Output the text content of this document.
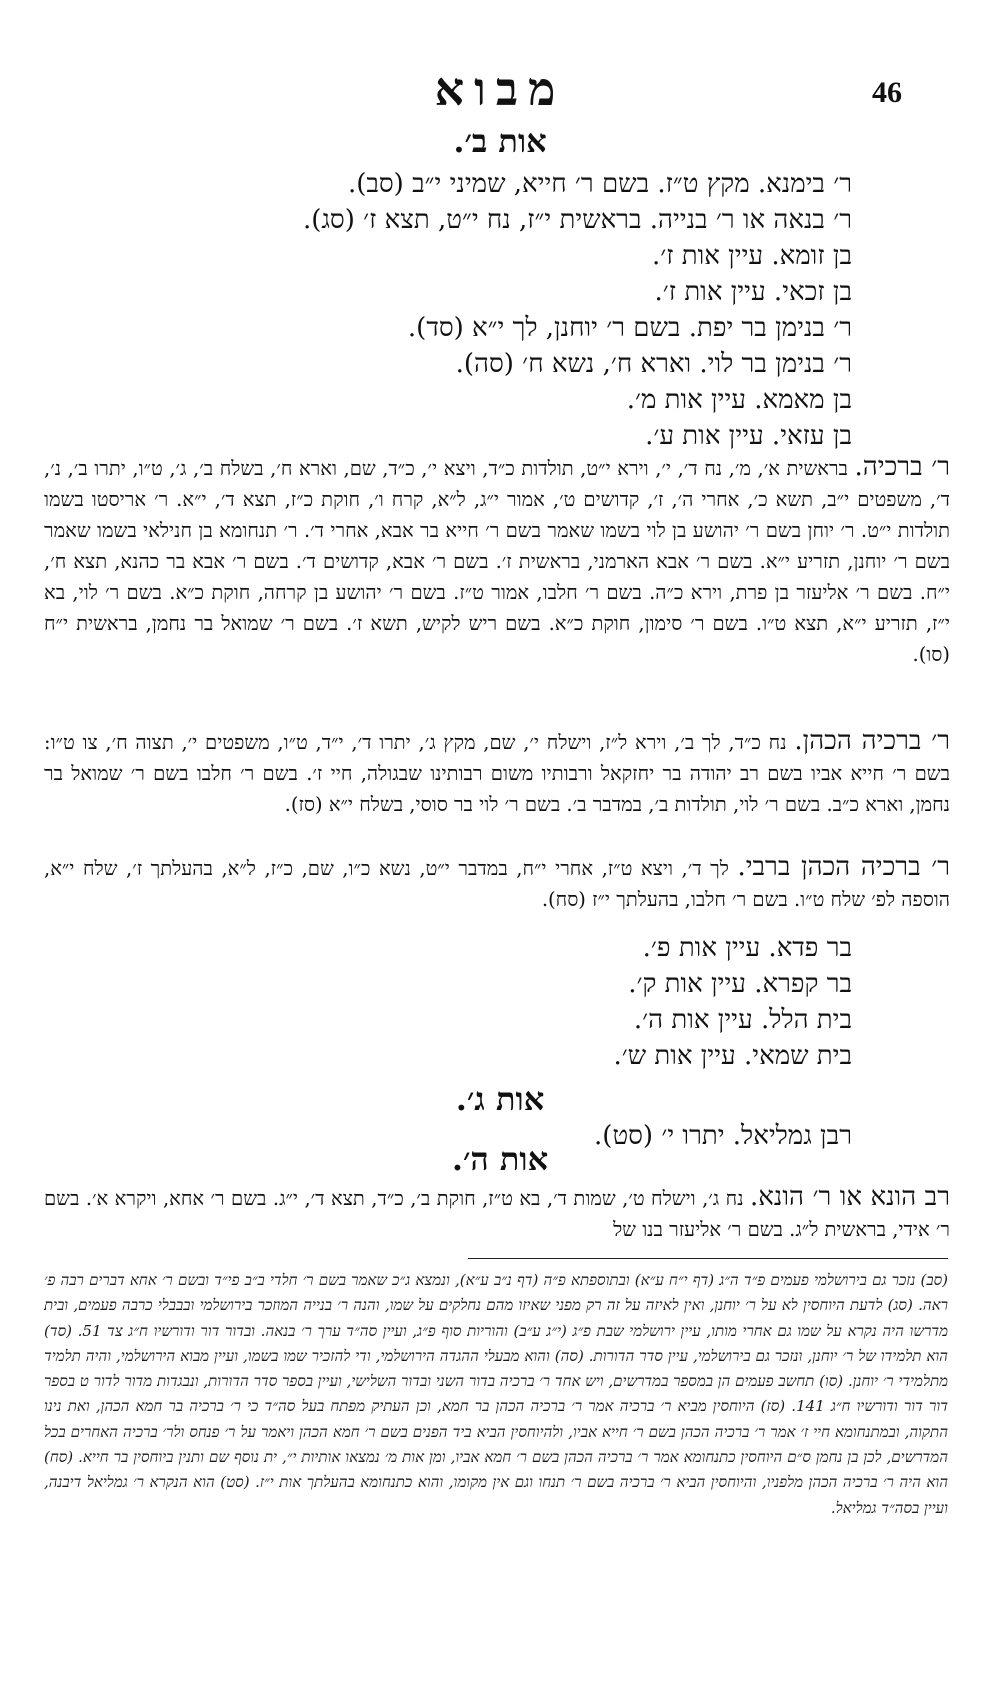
46
מבוא
אות ב׳.
ר׳ בימנא. מקץ ט״ז. בשם ר׳ חייא, שמיני י״ב (סב).
ר׳ בנאה או ר׳ בנייה. בראשית י״ז, נח י״ט, תצא ז׳ (סג).
בן זומא. עיין אות ז׳.
בן זכאי. עיין אות ז׳.
ר׳ בנימן בר יפת. בשם ר׳ יוחנן, לך י״א (סד).
ר׳ בנימן בר לוי. וארא ח׳, נשא ח׳ (סה).
בן מאמא. עיין אות מ׳.
בן עזאי. עיין אות ע׳.

ר׳ ברכיה. בראשית א׳, מ׳, נח ד׳, י׳, וירא י״ט, תולדות כ״ד, ויצא י׳, כ״ד, שם, וארא ח׳, בשלח ב׳, ג׳, ט״ו, יתרו ב׳, נ׳, ד׳, משפטים י״ב, תשא כ׳, אחרי ה׳, ז׳, קדושים ט׳, אמור י״ג, ל״א, קרח ו׳, חוקת כ״ז, תצא ד׳, י״א. ר׳ אריסטו בשמו תולדות י״ט. ר׳ יוחן בשם ר׳ יהושע בן לוי בשמו שאמר בשם ר׳ חייא בר אבא, אחרי ד׳. ר׳ תנחומא בן חנילאי בשמו שאמר בשם ר׳ יוחנן, תזריע י״א. בשם ר׳ אבא הארמני, בראשית ז׳. בשם ר׳ אבא, קדושים ד׳. בשם ר׳ אבא בר כהנא, תצא ח׳, י״ח. בשם ר׳ אליעזר בן פרת, וירא כ״ה. בשם ר׳ חלבו, אמור ט״ז. בשם ר׳ יהושע בן קרחה, חוקת כ״א. בשם ר׳ לוי, בא י״ז, תזריע י״א, תצא ט״ו. בשם ר׳ סימון, חוקת כ״א. בשם ריש לקיש, תשא ז׳. בשם ר׳ שמואל בר נחמן, בראשית י״ח (סו).

ר׳ ברכיה הכהן. נח כ״ד, לך ב׳, וירא ל״ז, וישלח י׳, שם, מקץ ג׳, יתרו ד׳, י״ד, ט״ו, משפטים י׳, תצוה ח׳, צו ט״ו: בשם ר׳ חייא אביו בשם רב יהודה בר יחזקאל ורבותיו משום רבותינו שבגולה, חיי ז׳. בשם ר׳ חלבו בשם ר׳ שמואל בר נחמן, וארא כ״ב. בשם ר׳ לוי, תולדות ב׳, במדבר ב׳. בשם ר׳ לוי בר סוסי, בשלח י״א (סז).

ר׳ ברכיה הכהן ברבי. לך ד׳, ויצא ט״ז, אחרי י״ח, במדבר י״ט, נשא כ״ו, שם, כ״ז, ל״א, בהעלתך ז׳, שלח י״א, הוספה לפ׳ שלח ט״ו. בשם ר׳ חלבו, בהעלתך י״ז (סח).

בר פדא. עיין אות פ׳.
בר קפרא. עיין אות ק׳.
בית הלל. עיין אות ה׳.
בית שמאי. עיין אות ש׳.
אות ג׳.
רבן גמליאל. יתרו י׳ (סט).
אות ה׳.

רב הונא או ר׳ הונא. נח ג׳, וישלח ט׳, שמות ד׳, בא ט״ז, חוקת ב׳, כ״ד, תצא ד׳, י״ג. בשם ר׳ אחא, ויקרא א׳. בשם ר׳ אידי, בראשית ל״ג. בשם ר׳ אליעזר בנו של

(סב) נזכר גם בירושלמי פעמים פ״ד ה״ג (דף י״ח ע״א) ובתוספתא פ״ה (דף נ״ב ע״א), ונמצא ג״כ שאמר בשם ר׳ חלדי ב״ב פי״ד ובשם ר׳ אחא דברים רבה פ׳ ראה. (סג) לדעת היוחסין לא על ר׳ יוחנן, ואין לאיזה על זה רק מפני שאיזו מהם נחלקים על שמו, והנה ר׳ בנייה המוזכר בירושלמי ובבבלי כרבה פעמים, ובית מדרשו היה נקרא על שמו גם אחרי מותו, עיין ירושלמי שבת פ״ג (י״ג ע״ב) והוריות סוף פ״ג, ועיין סה״ד ערך ר׳ בנאה. ובדור דור ודורשיו ח״ג צד 51. (סד) הוא תלמידו של ר׳ יוחנן, ונזכר גם בירושלמי, עיין סדר הדורות. (סה) והוא מבעלי ההגדה הירושלמי, ודי להזכיר שמו בשמו, ועיין מבוא הירושלמי, והיה תלמיד מתלמידי ר׳ יוחנן. (סו) תחשב פעמים הן במספר במדרשים, ויש אחד ר׳ ברכיה בדור השני ובדור השלישי, ועיין בספר סדר הדורות, ונבגדות מדור לדור ט בספר דור דור ודורשיו ח״ג 141. (סז) היוחסין מביא ר׳ ברכיה אמר ר׳ ברכיה הכהן בר חמא, וכן העתיק מפתח בעל סה״ד כי ר׳ ברכיה בר חמא הכהן, ואת נינו התקוה, ובמתנחומא חיי ז׳ אמר ר׳ ברכיה הכהן בשם ר׳ חייא אביו, ולהיוחסין הביא ביד הפנים בשם ר׳ חמא הכהן ויאמר על ר׳ פנחס ולר׳ ברכיה האחרים בכל המדרשים, לכן בן נחמן ס״ם היוחסין כתנחומא אמר ר׳ ברכיה הכהן בשם ר׳ חמא אביו, ומן אות מ׳ נמצאו אותיות י״, ית נוסף שם ותנין ביוחסין בר חייא. (סח) הוא היה ר׳ ברכיה הכהן מלפניו, והיוחסין הביא ר׳ ברכיה בשם ר׳ תנחו וגם אין מקומו, והוא כתנחומא בהעלתך אות י״ז. (סט) הוא הנקרא ר׳ גמליאל דיבנה, ועיין בסה״ד גמליאל.
